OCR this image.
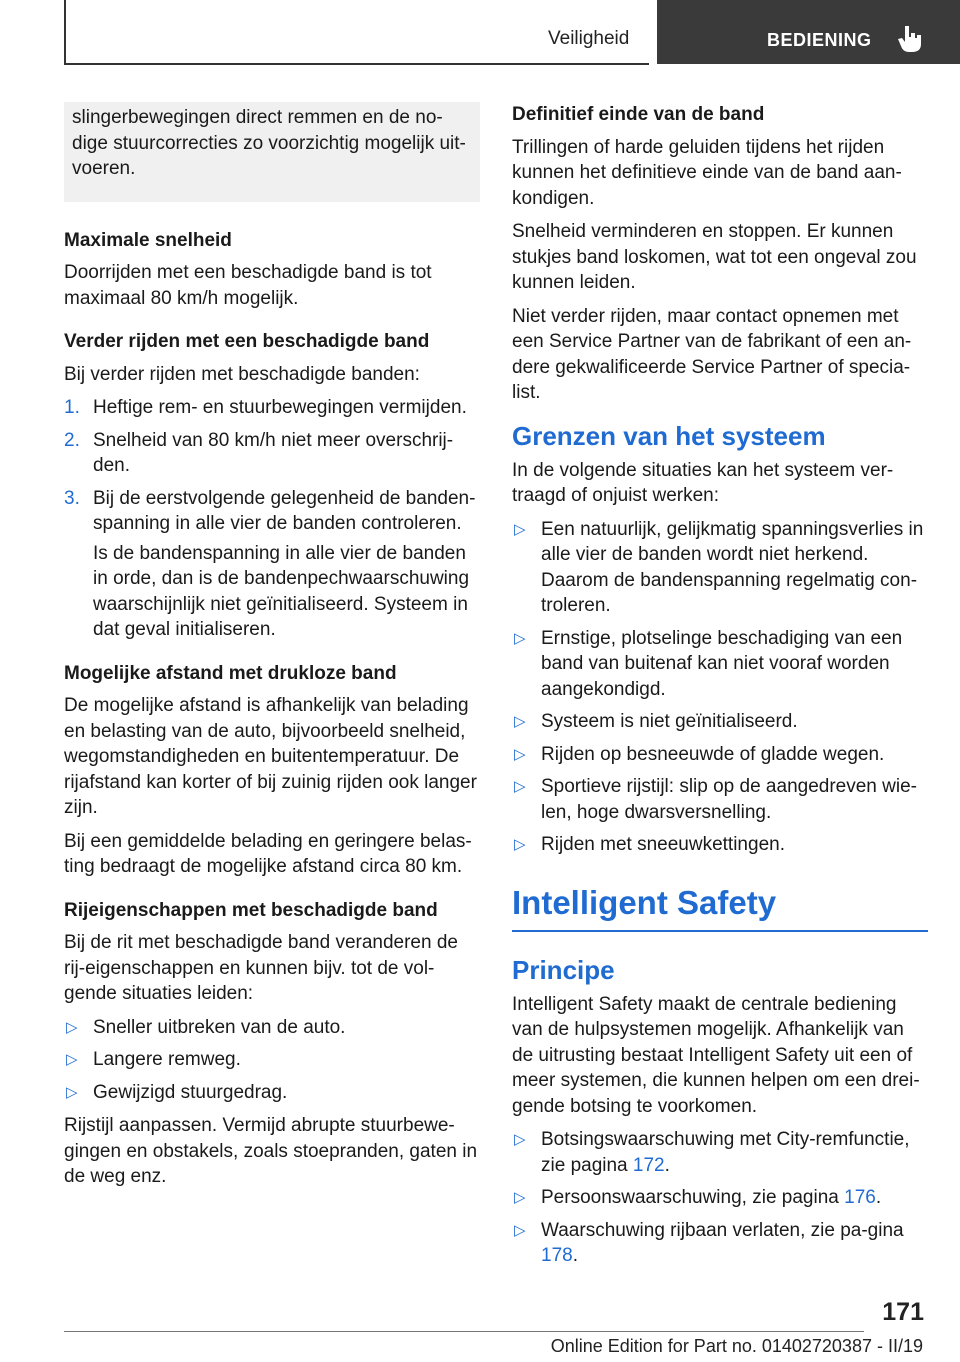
Veiligheid	BEDIENING

slingerbewegingen direct remmen en de no-dige stuurcorrecties zo voorzichtig mogelijk uit-voeren.

Maximale snelheid

Doorrijden met een beschadigde band is tot maximaal 80 km/h mogelijk.

Verder rijden met een beschadigde band

Bij verder rijden met beschadigde banden:

1. Heftige rem- en stuurbewegingen vermijden.
2. Snelheid van 80 km/h niet meer overschrij-den.
3. Bij de eerstvolgende gelegenheid de banden-spanning in alle vier de banden controleren.
Is de bandenspanning in alle vier de banden in orde, dan is de bandenpechwaarschuwing waarschijnlijk niet geïnitialiseerd. Systeem in dat geval initialiseren.
Mogelijke afstand met drukloze band

De mogelijke afstand is afhankelijk van belading en belasting van de auto, bijvoorbeeld snelheid, wegomstandigheden en buitentemperatuur. De rijafstand kan korter of bij zuinig rijden ook langer zijn.

Bij een gemiddelde belading en geringere belas-ting bedraagt de mogelijke afstand circa 80 km.

Rijeigenschappen met beschadigde band

Bij de rit met beschadigde band veranderen de rij-eigenschappen en kunnen bijv. tot de vol-gende situaties leiden:

▷ Sneller uitbreken van de auto.
▷ Langere remweg.
▷ Gewijzigd stuurgedrag.

Rijstijl aanpassen. Vermijd abrupte stuurbewe-gingen en obstakels, zoals stoepranden, gaten in de weg enz.

Definitief einde van de band

Trillingen of harde geluiden tijdens het rijden kunnen het definitieve einde van de band aan-kondigen.

Snelheid verminderen en stoppen. Er kunnen stukjes band loskomen, wat tot een ongeval zou kunnen leiden.

Niet verder rijden, maar contact opnemen met een Service Partner van de fabrikant of een an-dere gekwalificeerde Service Partner of specia-list.

Grenzen van het systeem

In de volgende situaties kan het systeem ver-traagd of onjuist werken:

▷ Een natuurlijk, gelijkmatig spanningsverlies in alle vier de banden wordt niet herkend. Daarom de bandenspanning regelmatig con-troleren.
▷ Ernstige, plotselinge beschadiging van een band van buitenaf kan niet vooraf worden aangekondigd.
▷ Systeem is niet geïnitialiseerd.
▷ Rijden op besneeuwde of gladde wegen.
▷ Sportieve rijstijl: slip op de aangedreven wie-len, hoge dwarsversnelling.
▷ Rijden met sneeuwkettingen.
Intelligent Safety
Principe

Intelligent Safety maakt de centrale bediening van de hulpsystemen mogelijk. Afhankelijk van de uitrusting bestaat Intelligent Safety uit een of meer systemen, die kunnen helpen om een drei-gende botsing te voorkomen.

▷ Botsingswaarschuwing met City-remfunctie, zie pagina 172.
▷ Persoonswaarschuwing, zie pagina 176.
▷ Waarschuwing rijbaan verlaten, zie pa-gina 178.
171
Online Edition for Part no. 01402720387 - II/19
